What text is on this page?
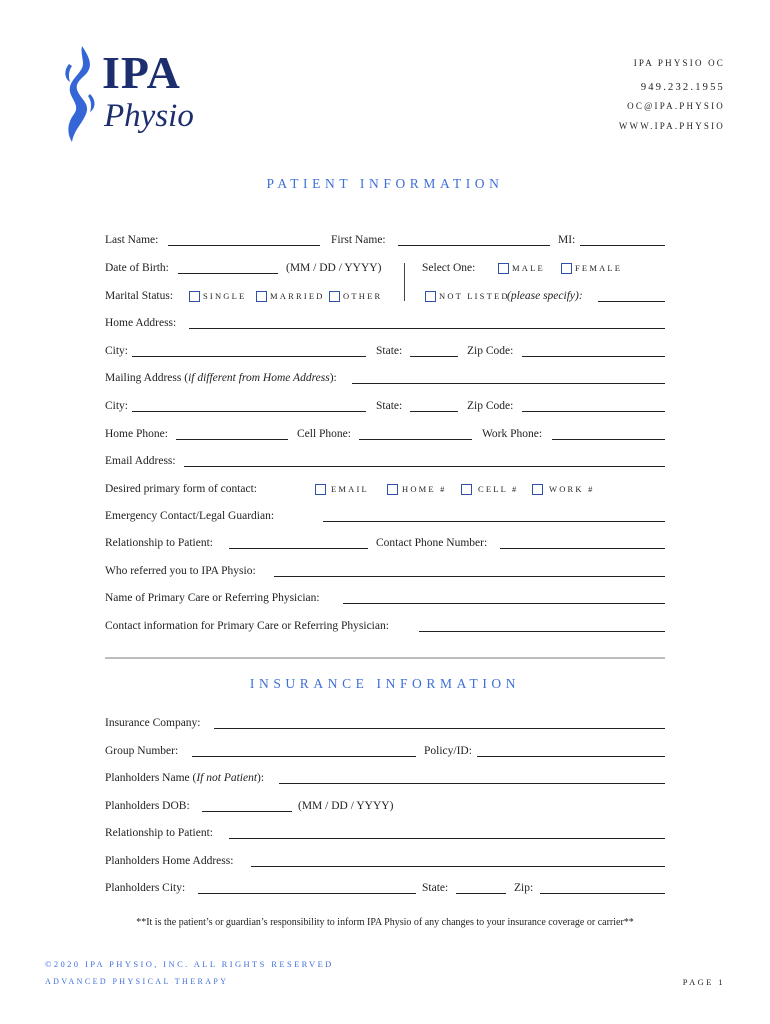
IPA
Physio
IPA PHYSIO OC
949.232.1955
OC@IPA.PHYSIO
WWW.IPA.PHYSIO
PATIENT INFORMATION
Last Name:	First Name:	MI:
Date of Birth:	(MM / DD / YYYY)	Select One:	MALE	FEMALE
Marital Status:	SINGLE	MARRIED OTHER	NOT LISTED
(please specify):
Home Address:
City:	State:	Zip Code:
Mailing Address (if different from Home Address):
City:	State:	Zip Code:
Home Phone:	Cell Phone:	Work Phone:
Email Address:
Desired primary form of contact:	EMAIL	HOME #	CELL #	WORK #
Emergency Contact/Legal Guardian:
Relationship to Patient:	Contact Phone Number:
Who referred you to IPA Physio:
Name of Primary Care or Referring Physician:
Contact information for Primary Care or Referring Physician:
INSURANCE INFORMATION
Insurance Company:
Group Number:	Policy/ID:
Planholders Name (If not Patient):
Planholders DOB:	(MM / DD / YYYY)
Relationship to Patient:
Planholders Home Address:
Planholders City:	State:	Zip:
**It is the patient’s or guardian’s responsibility to inform IPA Physio of any changes to your insurance coverage or carrier**
©2020 IPA PHYSIO, INC. ALL RIGHTS RESERVED
ADVANCED PHYSICAL THERAPY	PAGE 1
